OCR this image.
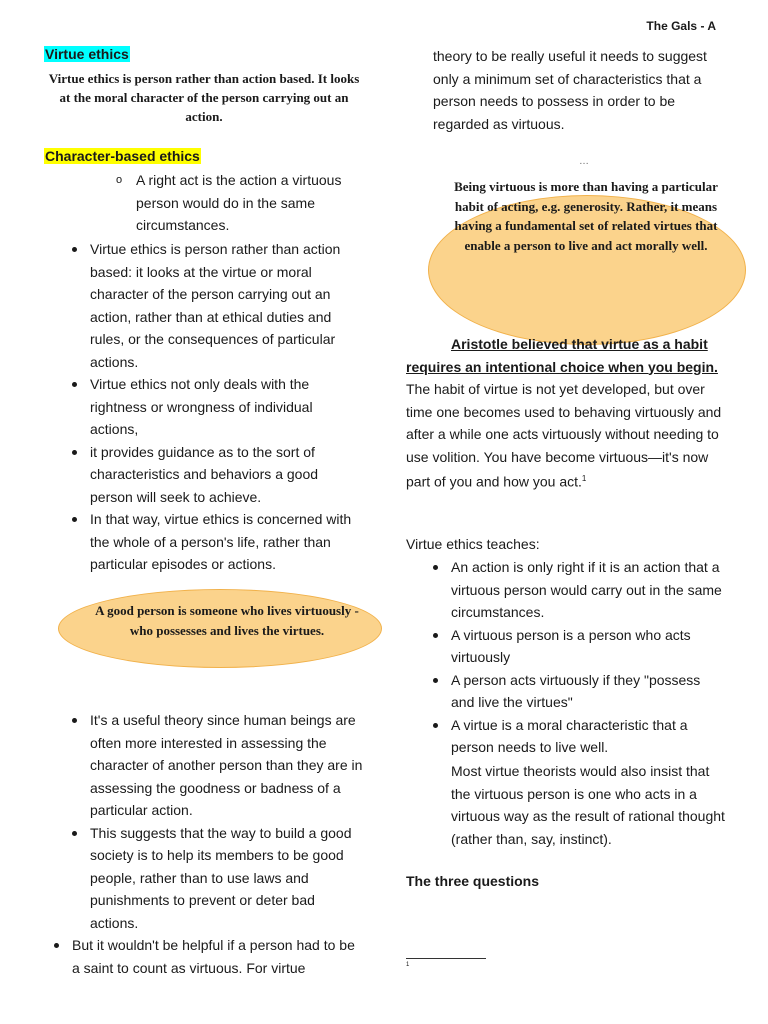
The Gals - A
Virtue ethics
Virtue ethics is person rather than action based. It looks at the moral character of the person carrying out an action.
Character-based ethics
o A right act is the action a virtuous person would do in the same circumstances.
Virtue ethics is person rather than action based: it looks at the virtue or moral character of the person carrying out an action, rather than at ethical duties and rules, or the consequences of particular actions.
Virtue ethics not only deals with the rightness or wrongness of individual actions,
it provides guidance as to the sort of characteristics and behaviors a good person will seek to achieve.
In that way, virtue ethics is concerned with the whole of a person's life, rather than particular episodes or actions.
A good person is someone who lives virtuously - who possesses and lives the virtues.
It's a useful theory since human beings are often more interested in assessing the character of another person than they are in assessing the goodness or badness of a particular action.
This suggests that the way to build a good society is to help its members to be good people, rather than to use laws and punishments to prevent or deter bad actions.
But it wouldn't be helpful if a person had to be a saint to count as virtuous. For virtue
theory to be really useful it needs to suggest only a minimum set of characteristics that a person needs to possess in order to be regarded as virtuous.
…
Being virtuous is more than having a particular habit of acting, e.g. generosity. Rather, it means having a fundamental set of related virtues that enable a person to live and act morally well.
Aristotle believed that virtue as a habit requires an intentional choice when you begin. The habit of virtue is not yet developed, but over time one becomes used to behaving virtuously and after a while one acts virtuously without needing to use volition. You have become virtuous—it's now part of you and how you act.$^1$
Virtue ethics teaches:
An action is only right if it is an action that a virtuous person would carry out in the same circumstances.
A virtuous person is a person who acts virtuously
A person acts virtuously if they "possess and live the virtues"
A virtue is a moral characteristic that a person needs to live well.
Most virtue theorists would also insist that the virtuous person is one who acts in a virtuous way as the result of rational thought (rather than, say, instinct).
The three questions
1
